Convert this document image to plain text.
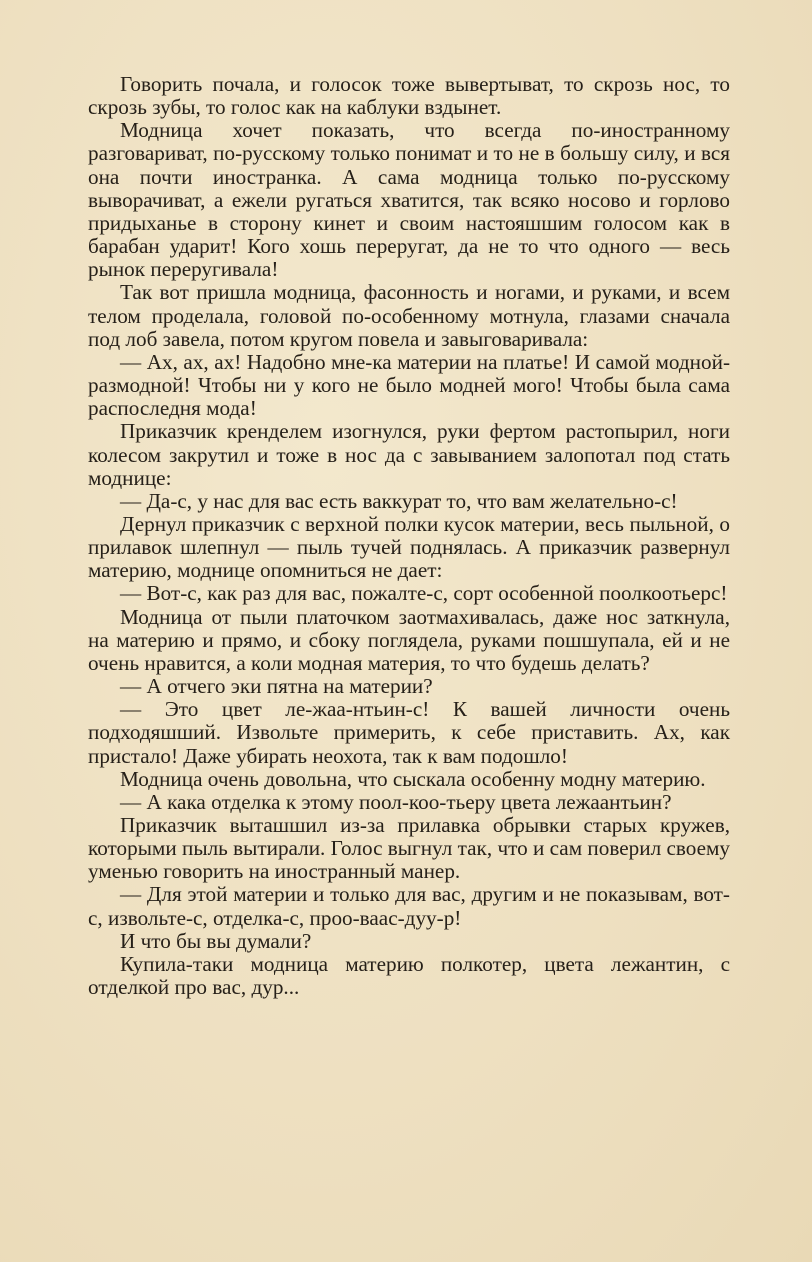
Говорить почала, и голосок тоже вывертыват, то скрозь нос, то скрозь зубы, то голос как на каблуки вздынет.

Модница хочет показать, что всегда по-иностранному разговариват, по-русскому только понимат и то не в большу силу, и вся она почти иностранка. А сама модница только по-русскому выворачиват, а ежели ругаться хватится, так всяко носово и горлово придыханье в сторону кинет и своим настояшшим голосом как в барабан ударит! Кого хошь переругат, да не то что одного — весь рынок переругивала!

Так вот пришла модница, фасонность и ногами, и руками, и всем телом проделала, головой по-особенному мотнула, глазами сначала под лоб завела, потом кругом повела и завыговаривала:

— Ах, ах, ах! Надобно мне-ка материи на платье! И самой модной-размодной! Чтобы ни у кого не было модней мого! Чтобы была сама распоследня мода!

Приказчик кренделем изогнулся, руки фертом растопырил, ноги колесом закрутил и тоже в нос да с завыванием залопотал под стать моднице:

— Да-с, у нас для вас есть ваккурат то, что вам желательно-с!

Дернул приказчик с верхной полки кусок материи, весь пыльной, о прилавок шлепнул — пыль тучей поднялась. А приказчик развернул материю, моднице опомниться не дает:

— Вот-с, как раз для вас, пожалте-с, сорт особенной поолкоотьерс!

Модница от пыли платочком заотмахивалась, даже нос заткнула, на материю и прямо, и сбоку поглядела, руками пошшупала, ей и не очень нравится, а коли модная материя, то что будешь делать?

— А отчего эки пятна на материи?

— Это цвет ле-жаа-нтьин-с! К вашей личности очень подходяшший. Извольте примерить, к себе приставить. Ах, как пристало! Даже убирать неохота, так к вам подошло!

Модница очень довольна, что сыскала особенну модну материю.

— А кака отделка к этому поол-коо-тьеру цвета лежаантьин?

Приказчик выташшил из-за прилавка обрывки старых кружев, которыми пыль вытирали. Голос выгнул так, что и сам поверил своему уменью говорить на иностранный манер.

— Для этой материи и только для вас, другим и не показывам, вот-с, извольте-с, отделка-с, проо-ваас-дуу-р!

И что бы вы думали?

Купила-таки модница материю полкотер, цвета лежантин, с отделкой про вас, дур...
